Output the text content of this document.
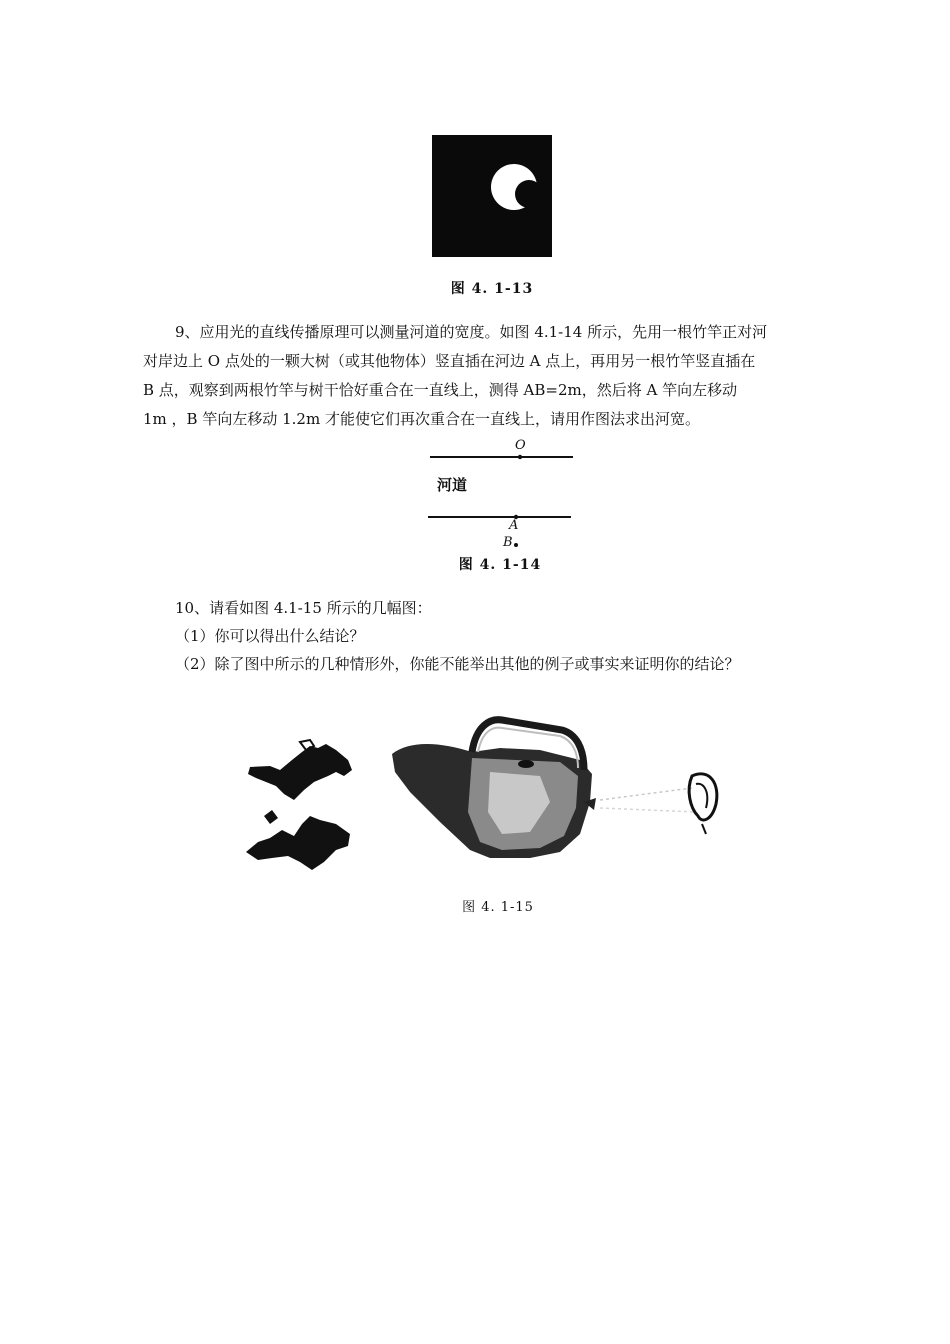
图 4. 1-13

9、应用光的直线传播原理可以测量河道的宽度。如图 4.1-14 所示，先用一根竹竿正对河

对岸边上 O 点处的一颗大树（或其他物体）竖直插在河边 A 点上，再用另一根竹竿竖直插在

B 点，观察到两根竹竿与树干恰好重合在一直线上，测得 AB=2m，然后将 A 竿向左移动

1m ，B 竿向左移动 1.2m 才能使它们再次重合在一直线上，请用作图法求出河宽。

O
河道
A
B
图 4. 1-14

10、请看如图 4.1-15 所示的几幅图：

（1）你可以得出什么结论？

（2）除了图中所示的几种情形外，你能不能举出其他的例子或事实来证明你的结论？

图 4. 1-15
